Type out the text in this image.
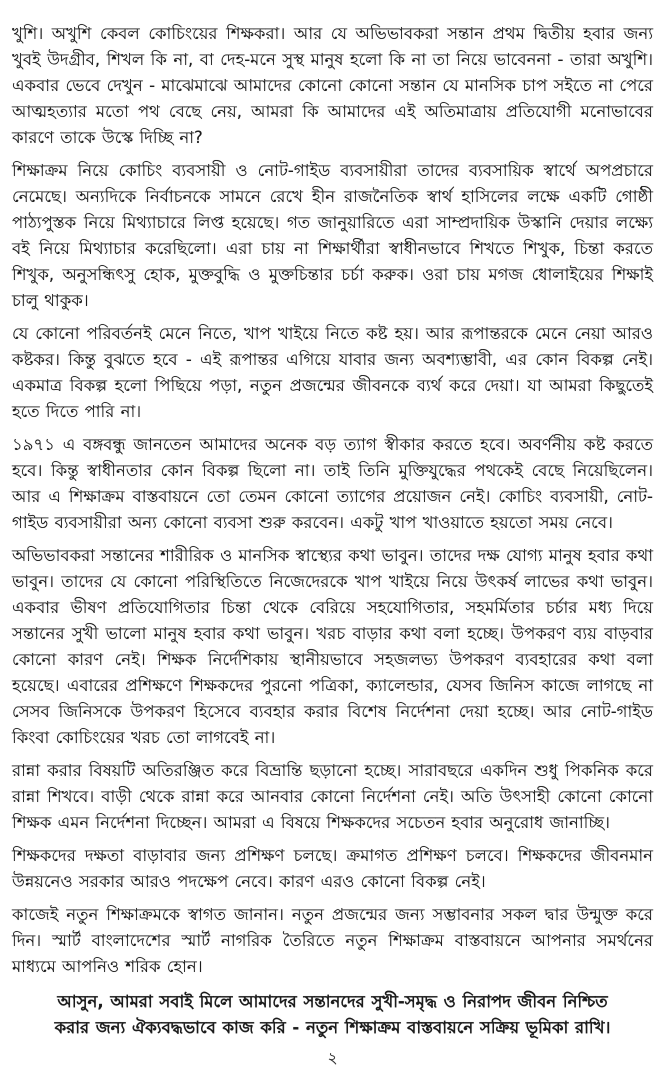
খুশি। অখুশি কেবল কোচিংয়ের শিক্ষকরা। আর যে অভিভাবকরা সন্তান প্রথম দ্বিতীয় হবার জন্য খুবই উদগ্রীব, শিখল কি না, বা দেহ-মনে সুস্থ মানুষ হলো কি না তা নিয়ে ভাবেননা - তারা অখুশি। একবার ভেবে দেখুন - মাঝেমাঝে আমাদের কোনো কোনো সন্তান যে মানসিক চাপ সইতে না পেরে আত্মহত্যার মতো পথ বেছে নেয়, আমরা কি আমাদের এই অতিমাত্রায় প্রতিযোগী মনোভাবের কারণে তাকে উস্কে দিচ্ছি না?

শিক্ষাক্রম নিয়ে কোচিং ব্যবসায়ী ও নোট-গাইড ব্যবসায়ীরা তাদের ব্যবসায়িক স্বার্থে অপপ্রচারে নেমেছে। অন্যদিকে নির্বাচনকে সামনে রেখে হীন রাজনৈতিক স্বার্থ হাসিলের লক্ষে একটি গোষ্ঠী পাঠ্যপুস্তক নিয়ে মিথ্যাচারে লিপ্ত হয়েছে। গত জানুয়ারিতে এরা সাম্প্রদায়িক উস্কানি দেয়ার লক্ষ্যে বই নিয়ে মিথ্যাচার করেছিলো। এরা চায় না শিক্ষার্থীরা স্বাধীনভাবে শিখতে শিখুক, চিন্তা করতে শিখুক, অনুসন্ধিৎসু হোক, মুক্তবুদ্ধি ও মুক্তচিন্তার চর্চা করুক। ওরা চায় মগজ ধোলাইয়ের শিক্ষাই চালু থাকুক।

যে কোনো পরিবর্তনই মেনে নিতে, খাপ খাইয়ে নিতে কষ্ট হয়। আর রূপান্তরকে মেনে নেয়া আরও কষ্টকর। কিন্তু বুঝতে হবে - এই রূপান্তর এগিয়ে যাবার জন্য অবশ্যম্ভাবী, এর কোন বিকল্প নেই। একমাত্র বিকল্প হলো পিছিয়ে পড়া, নতুন প্রজন্মের জীবনকে ব্যর্থ করে দেয়া। যা আমরা কিছুতেই হতে দিতে পারি না।

১৯৭১ এ বঙ্গবন্ধু জানতেন আমাদের অনেক বড় ত্যাগ স্বীকার করতে হবে। অবর্ণনীয় কষ্ট করতে হবে। কিন্তু স্বাধীনতার কোন বিকল্প ছিলো না। তাই তিনি মুক্তিযুদ্ধের পথকেই বেছে নিয়েছিলেন। আর এ শিক্ষাক্রম বাস্তবায়নে তো তেমন কোনো ত্যাগের প্রয়োজন নেই। কোচিং ব্যবসায়ী, নোট-গাইড ব্যবসায়ীরা অন্য কোনো ব্যবসা শুরু করবেন। একটু খাপ খাওয়াতে হয়তো সময় নেবে।

অভিভাবকরা সন্তানের শারীরিক ও মানসিক স্বাস্থ্যের কথা ভাবুন। তাদের দক্ষ যোগ্য মানুষ হবার কথা ভাবুন। তাদের যে কোনো পরিস্থিতিতে নিজেদেরকে খাপ খাইয়ে নিয়ে উৎকর্ষ লাভের কথা ভাবুন। একবার ভীষণ প্রতিযোগিতার চিন্তা থেকে বেরিয়ে সহযোগিতার, সহমর্মিতার চর্চার মধ্য দিয়ে সন্তানের সুখী ভালো মানুষ হবার কথা ভাবুন। খরচ বাড়ার কথা বলা হচ্ছে। উপকরণ ব্যয় বাড়বার কোনো কারণ নেই। শিক্ষক নির্দেশিকায় স্থানীয়ভাবে সহজলভ্য উপকরণ ব্যবহারের কথা বলা হয়েছে। এবারের প্রশিক্ষণে শিক্ষকদের পুরনো পত্রিকা, ক্যালেন্ডার, যেসব জিনিস কাজে লাগছে না সেসব জিনিসকে উপকরণ হিসেবে ব্যবহার করার বিশেষ নির্দেশনা দেয়া হচ্ছে। আর নোট-গাইড কিংবা কোচিংয়ের খরচ তো লাগবেই না।

রান্না করার বিষয়টি অতিরঞ্জিত করে বিভ্রান্তি ছড়ানো হচ্ছে। সারাবছরে একদিন শুধু পিকনিক করে রান্না শিখবে। বাড়ী থেকে রান্না করে আনবার কোনো নির্দেশনা নেই। অতি উৎসাহী কোনো কোনো শিক্ষক এমন নির্দেশনা দিচ্ছেন। আমরা এ বিষয়ে শিক্ষকদের সচেতন হবার অনুরোধ জানাচ্ছি।

শিক্ষকদের দক্ষতা বাড়াবার জন্য প্রশিক্ষণ চলছে। ক্রমাগত প্রশিক্ষণ চলবে। শিক্ষকদের জীবনমান উন্নয়নেও সরকার আরও পদক্ষেপ নেবে। কারণ এরও কোনো বিকল্প নেই।

কাজেই নতুন শিক্ষাক্রমকে স্বাগত জানান। নতুন প্রজন্মের জন্য সম্ভাবনার সকল দ্বার উন্মুক্ত করে দিন। স্মার্ট বাংলাদেশের স্মার্ট নাগরিক তৈরিতে নতুন শিক্ষাক্রম বাস্তবায়নে আপনার সমর্থনের মাধ্যমে আপনিও শরিক হোন।

আসুন, আমরা সবাই মিলে আমাদের সন্তানদের সুখী-সমৃদ্ধ ও নিরাপদ জীবন নিশ্চিত করার জন্য ঐক্যবদ্ধভাবে কাজ করি - নতুন শিক্ষাক্রম বাস্তবায়নে সক্রিয় ভূমিকা রাখি।

২
